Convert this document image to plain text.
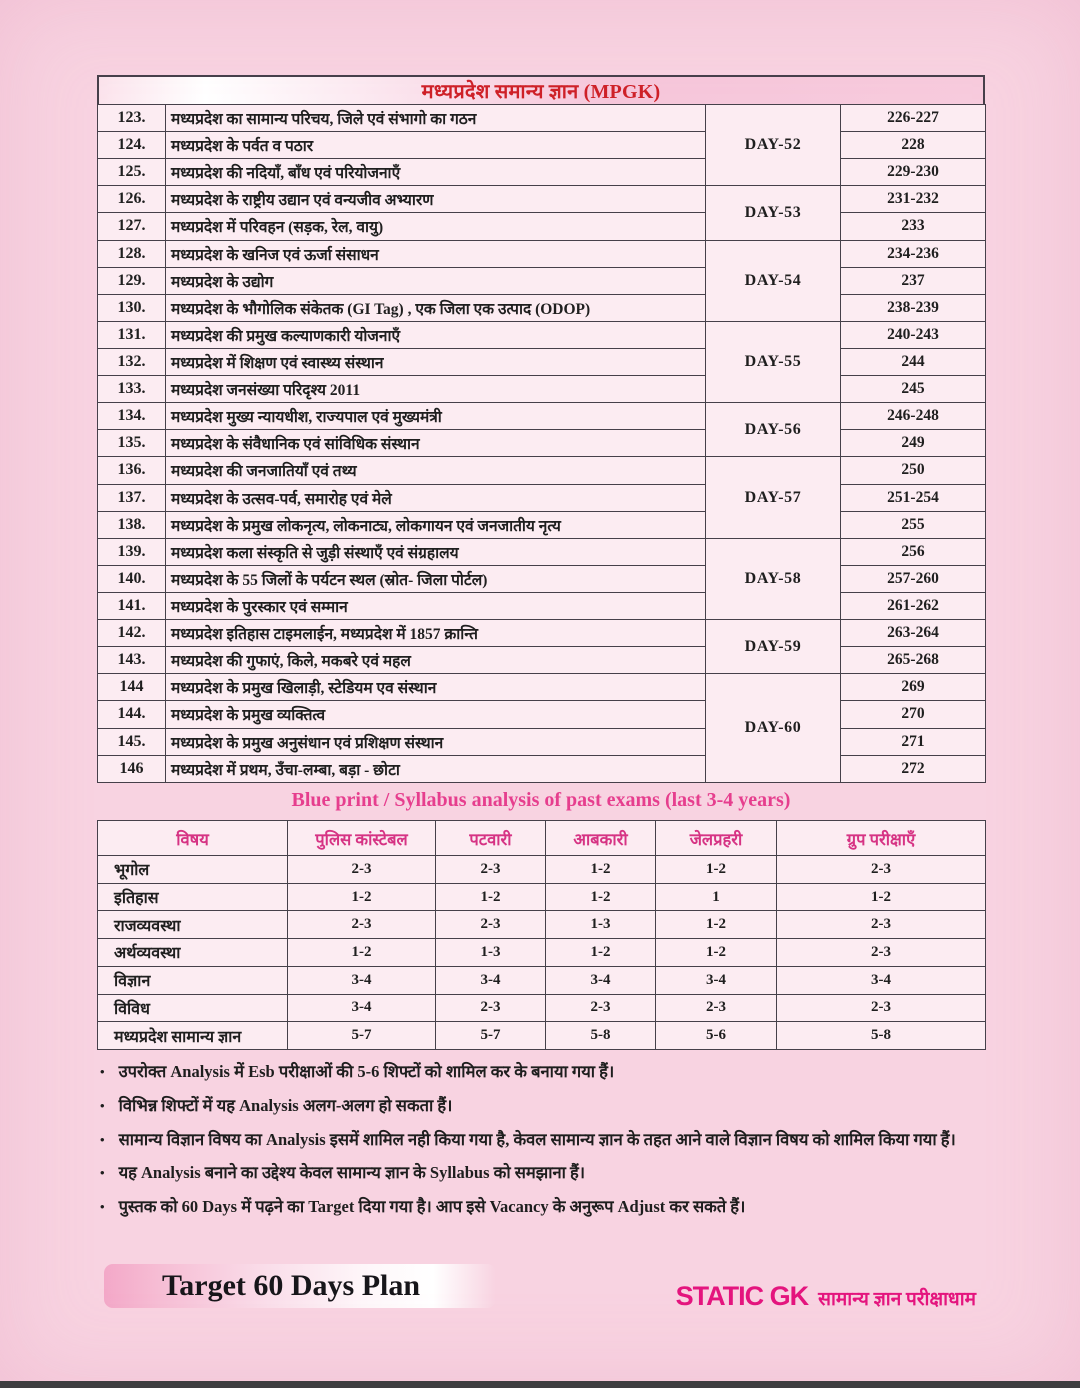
मध्यप्रदेश समान्य ज्ञान (MPGK)
123.	मध्यप्रदेश का सामान्य परिचय, जिले एवं संभागो का गठन	DAY-52	226-227
124.	मध्यप्रदेश के पर्वत व पठार		228
125.	मध्यप्रदेश की नदियाँ, बाँध एवं परियोजनाएँ		229-230
126.	मध्यप्रदेश के राष्ट्रीय उद्यान एवं वन्यजीव अभ्यारण	DAY-53	231-232
127.	मध्यप्रदेश में परिवहन (सड़क, रेल, वायु)		233
128.	मध्यप्रदेश के खनिज एवं ऊर्जा संसाधन	DAY-54	234-236
129.	मध्यप्रदेश के उद्योग		237
130.	मध्यप्रदेश के भौगोलिक संकेतक (GI Tag) , एक जिला एक उत्पाद (ODOP)		238-239
131.	मध्यप्रदेश की प्रमुख कल्याणकारी योजनाएँ	DAY-55	240-243
132.	मध्यप्रदेश में शिक्षण एवं स्वास्थ्य संस्थान		244
133.	मध्यप्रदेश जनसंख्या परिदृश्य 2011		245
134.	मध्यप्रदेश मुख्य न्यायधीश, राज्यपाल एवं मुख्यमंत्री	DAY-56	246-248
135.	मध्यप्रदेश के संवैधानिक एवं सांविधिक संस्थान		249
136.	मध्यप्रदेश की जनजातियाँ एवं तथ्य	DAY-57	250
137.	मध्यप्रदेश के उत्सव-पर्व, समारोह एवं मेले		251-254
138.	मध्यप्रदेश के प्रमुख लोकनृत्य, लोकनाट्य, लोकगायन एवं जनजातीय नृत्य		255
139.	मध्यप्रदेश कला संस्कृति से जुड़ी संस्थाएँ एवं संग्रहालय	DAY-58	256
140.	मध्यप्रदेश के 55 जिलों के पर्यटन स्थल (स्रोत- जिला पोर्टल)		257-260
141.	मध्यप्रदेश के पुरस्कार एवं सम्मान		261-262
142.	मध्यप्रदेश इतिहास टाइमलाईन, मध्यप्रदेश में 1857 क्रान्ति	DAY-59	263-264
143.	मध्यप्रदेश की गुफाएं, किले, मकबरे एवं महल		265-268
144	मध्यप्रदेश के प्रमुख खिलाड़ी, स्टेडियम एव संस्थान	DAY-60	269
144.	मध्यप्रदेश के प्रमुख व्यक्तित्व		270
145.	मध्यप्रदेश के प्रमुख अनुसंधान एवं प्रशिक्षण संस्थान		271
146	मध्यप्रदेश में प्रथम, उँचा-लम्बा, बड़ा - छोटा		272
Blue print / Syllabus analysis of past exams (last 3-4 years)
विषय	पुलिस कांस्टेबल	पटवारी	आबकारी	जेलप्रहरी	ग्रुप परीक्षाएँ
भूगोल	2-3	2-3	1-2	1-2	2-3
इतिहास	1-2	1-2	1-2	1	1-2
राजव्यवस्था	2-3	2-3	1-3	1-2	2-3
अर्थव्यवस्था	1-2	1-3	1-2	1-2	2-3
विज्ञान	3-4	3-4	3-4	3-4	3-4
विविध	3-4	2-3	2-3	2-3	2-3
मध्यप्रदेश सामान्य ज्ञान	5-7	5-7	5-8	5-6	5-8
• उपरोक्त Analysis में Esb परीक्षाओं की 5-6 शिफ्टों को शामिल कर के बनाया गया हैं।
• विभिन्न शिफ्टों में यह Analysis अलग-अलग हो सकता हैं।
• सामान्य विज्ञान विषय का Analysis इसमें शामिल नही किया गया है, केवल सामान्य ज्ञान के तहत आने वाले विज्ञान विषय को शामिल किया गया हैं।
• यह Analysis बनाने का उद्देश्य केवल सामान्य ज्ञान के Syllabus को समझाना हैं।
• पुस्तक को 60 Days में पढ़ने का Target दिया गया है। आप इसे Vacancy के अनुरूप Adjust कर सकते हैं।
Target 60 Days Plan	STATIC GK सामान्य ज्ञान परीक्षाधाम
